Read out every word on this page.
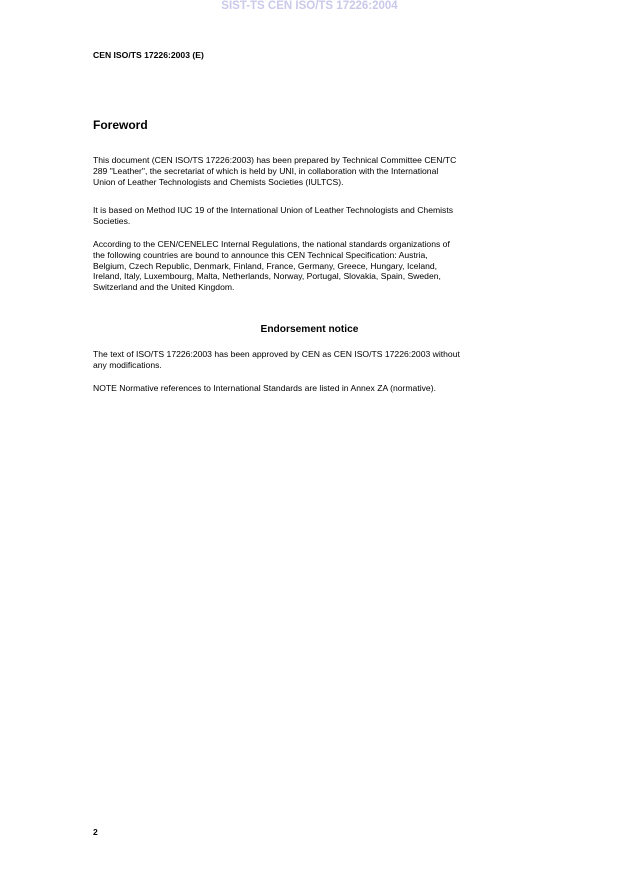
SIST-TS CEN ISO/TS 17226:2004
CEN ISO/TS 17226:2003 (E)
Foreword
This document (CEN ISO/TS 17226:2003) has been prepared by Technical Committee CEN/TC
289 "Leather", the secretariat of which is held by UNI, in collaboration with the International
Union of Leather Technologists and Chemists Societies (IULTCS).
It is based on Method IUC 19 of the International Union of Leather Technologists and Chemists
Societies.
According to the CEN/CENELEC Internal Regulations, the national standards organizations of
the following countries are bound to announce this CEN Technical Specification: Austria,
Belgium, Czech Republic, Denmark, Finland, France, Germany, Greece, Hungary, Iceland,
Ireland, Italy, Luxembourg, Malta, Netherlands, Norway, Portugal, Slovakia, Spain, Sweden,
Switzerland and the United Kingdom.
Endorsement notice
The text of ISO/TS 17226:2003 has been approved by CEN as CEN ISO/TS 17226:2003 without
any modifications.
NOTE Normative references to International Standards are listed in Annex ZA (normative).
2
